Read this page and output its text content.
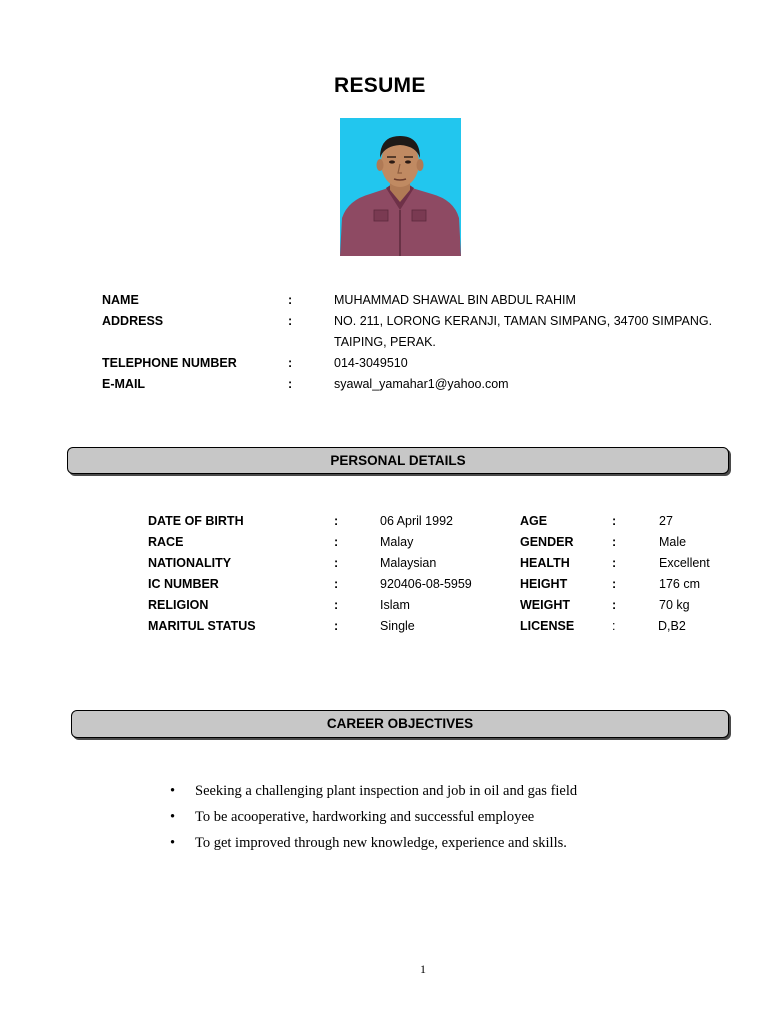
RESUME
NAME	:	MUHAMMAD SHAWAL BIN ABDUL RAHIM
ADDRESS	:	NO. 211, LORONG KERANJI, TAMAN SIMPANG, 34700 SIMPANG.
TAIPING, PERAK.
TELEPHONE NUMBER	:	014-3049510
E-MAIL	:	syawal_yamahar1@yahoo.com
PERSONAL DETAILS
DATE OF BIRTH	:	06 April 1992	AGE	:	27
RACE	:	Malay	GENDER	:	Male
NATIONALITY	:	Malaysian	HEALTH	:	Excellent
IC NUMBER	:	920406-08-5959	HEIGHT	:	176 cm
RELIGION	:	Islam	WEIGHT	:	70 kg
MARITUL STATUS	:	Single	LICENSE	:	D,B2
CAREER OBJECTIVES
• Seeking a challenging plant inspection and job in oil and gas field
• To be acooperative, hardworking and successful employee
• To get improved through new knowledge, experience and skills.
1
